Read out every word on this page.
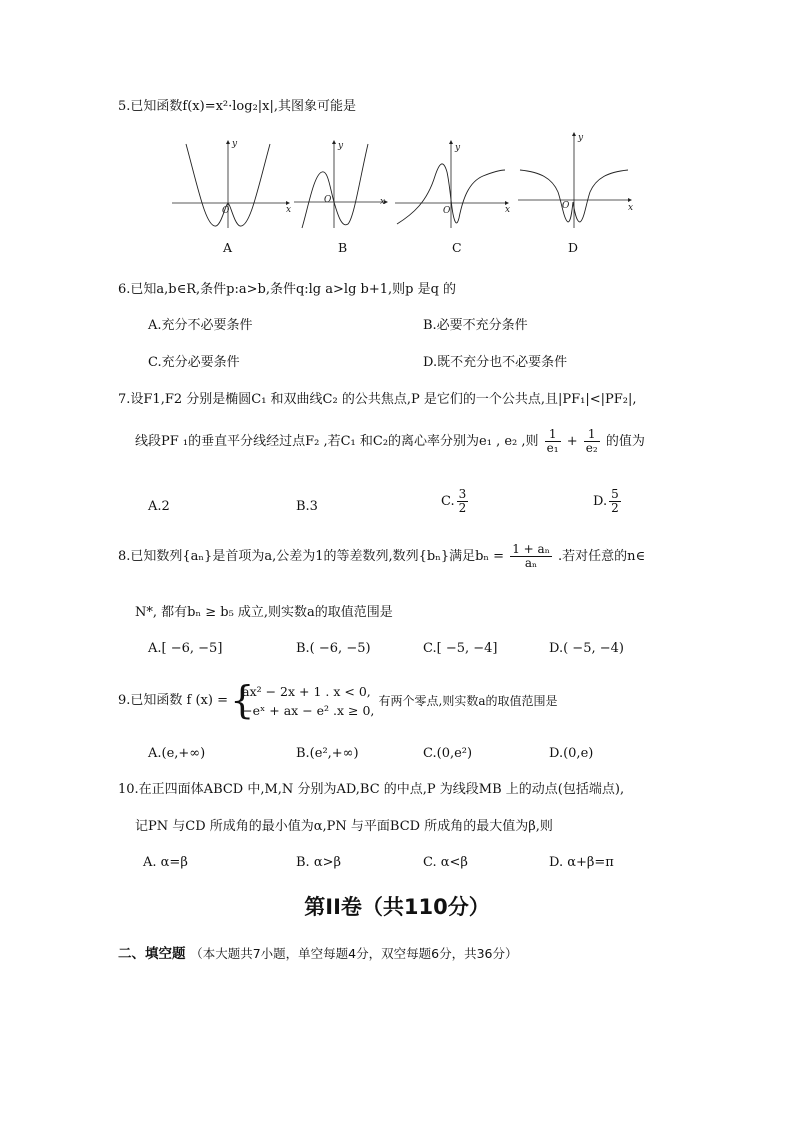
5.已知函数f(x)=x²·log₂|x|,其图象可能是
y
x
O
A
y
x
O
B
y
x
O
C
y
x
O
D
6.已知a,b∈R,条件p:a>b,条件q:lg a>lg b+1,则p 是q 的
A.充分不必要条件	B.必要不充分条件
C.充分必要条件	D.既不充分也不必要条件
7.设F1,F2 分别是椭圆C₁ 和双曲线C₂ 的公共焦点,P 是它们的一个公共点,且|PF₁|<|PF₂|,
线段PF ₁的垂直平分线经过点F₂ ,若C₁ 和C₂的离心率分别为e₁ , e₂ ,则 $\frac{1}{\text{e₁}} + \frac{1}{\text{e₂}}$ 的值为
A.2	B.3	C. $\frac{3}{2}$	D. $\frac{5}{2}$
8.已知数列{aₙ}是首项为a,公差为1的等差数列,数列{bₙ}满足$b_n = \frac{\text{1 + aₙ}}{\text{aₙ}}$ .若对任意的n∈
N*, 都有bₙ ≥ b₅ 成立,则实数a的取值范围是
A.[ −6, −5]	B.( −6, −5)	C.[ −5, −4]	D.( −5, −4)
9.已知函数 f (x) = {
ax² − 2x + 1 . x < 0,
−eˣ + ax − e² .x ≥ 0,
有两个零点,则实数a的取值范围是
A.(e,+∞)	B.(e²,+∞)	C.(0,e²)	D.(0,e)
10.在正四面体ABCD 中,M,N 分别为AD,BC 的中点,P 为线段MB 上的动点(包括端点),
记PN 与CD 所成角的最小值为α,PN 与平面BCD 所成角的最大值为β,则
A. α=β	B. α>β	C. α<β	D. α+β=π
第II卷（共110分）
二、填空题 （本大题共7小题，单空每题4分，双空每题6分，共36分）
